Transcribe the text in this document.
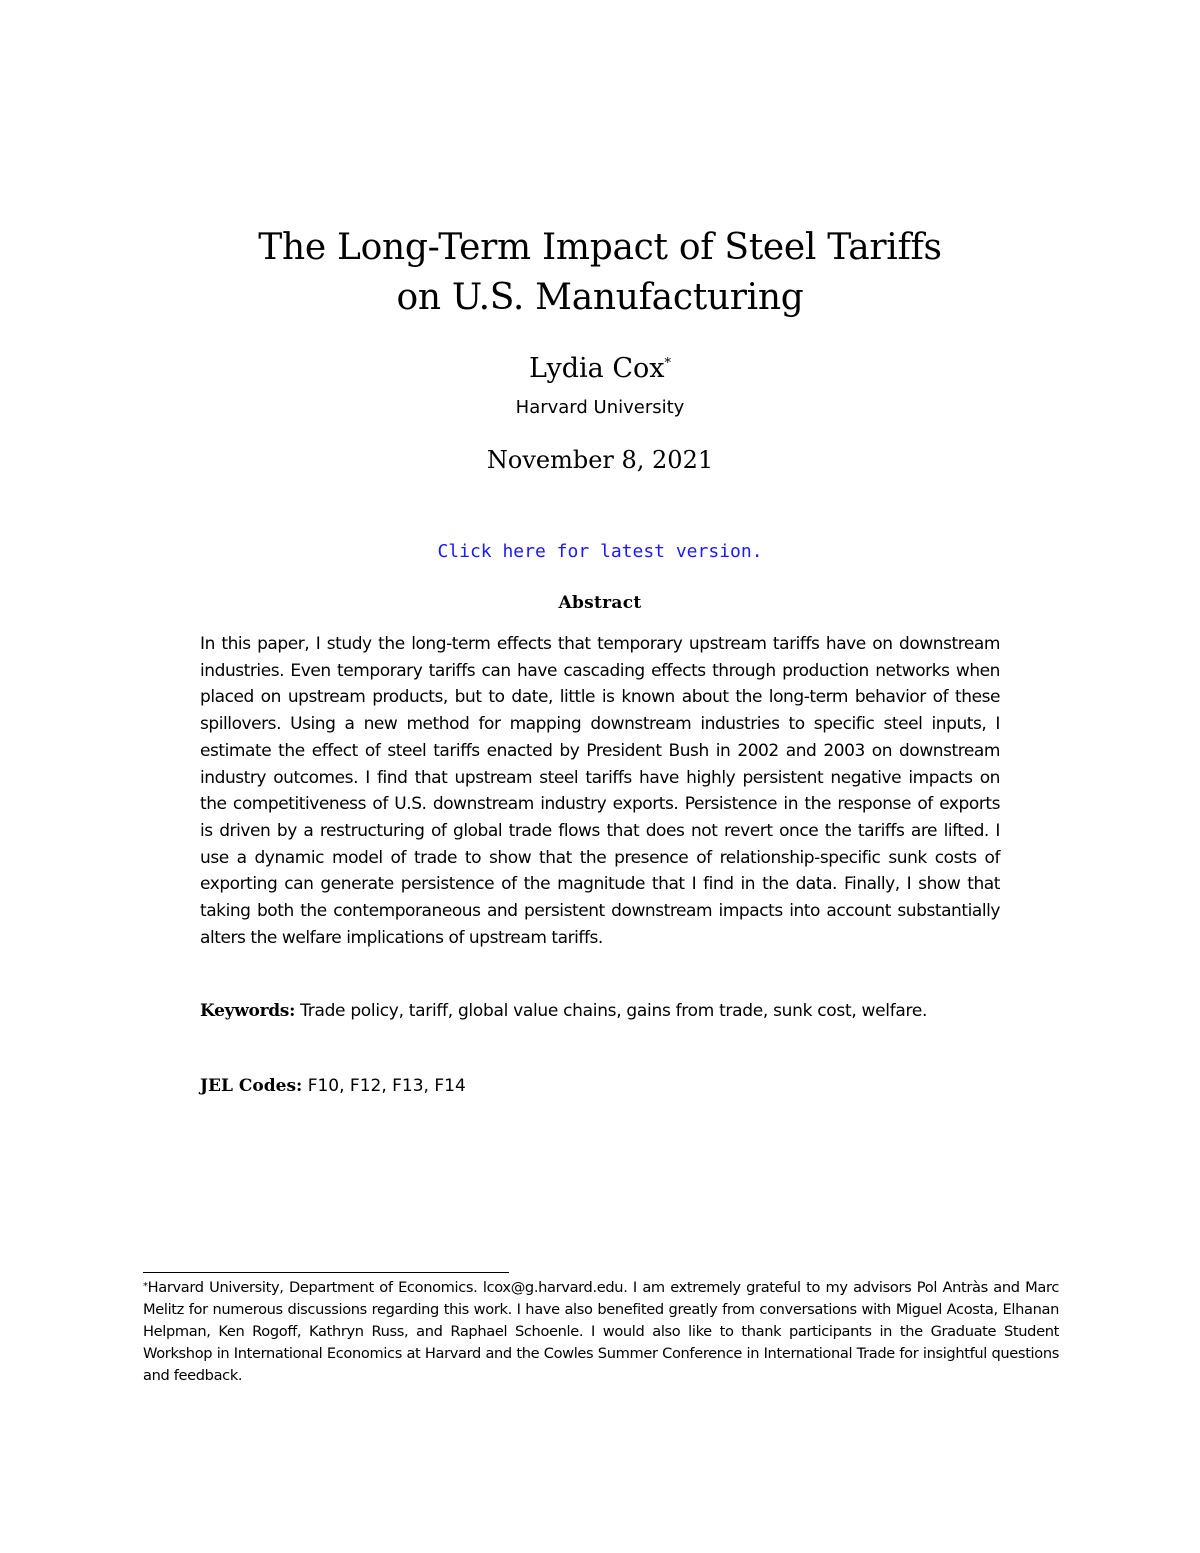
The Long-Term Impact of Steel Tariffs
on U.S. Manufacturing
Lydia Cox*
Harvard University
November 8, 2021
Click here for latest version.
Abstract

In this paper, I study the long-term effects that temporary upstream tariffs have on downstream industries. Even temporary tariffs can have cascading effects through production networks when placed on upstream products, but to date, little is known about the long-term behavior of these spillovers. Using a new method for mapping downstream industries to specific steel inputs, I estimate the effect of steel tariffs enacted by President Bush in 2002 and 2003 on downstream industry outcomes. I find that upstream steel tariffs have highly persistent negative impacts on the competitiveness of U.S. downstream industry exports. Persistence in the response of exports is driven by a restructuring of global trade flows that does not revert once the tariffs are lifted. I use a dynamic model of trade to show that the presence of relationship-specific sunk costs of exporting can generate persistence of the magnitude that I find in the data. Finally, I show that taking both the contemporaneous and persistent downstream impacts into account substantially alters the welfare implications of upstream tariffs.

Keywords: Trade policy, tariff, global value chains, gains from trade, sunk cost, welfare.

JEL Codes: F10, F12, F13, F14

*Harvard University, Department of Economics. lcox@g.harvard.edu. I am extremely grateful to my advisors Pol Antràs and Marc Melitz for numerous discussions regarding this work. I have also benefited greatly from conversations with Miguel Acosta, Elhanan Helpman, Ken Rogoff, Kathryn Russ, and Raphael Schoenle. I would also like to thank participants in the Graduate Student Workshop in International Economics at Harvard and the Cowles Summer Conference in International Trade for insightful questions and feedback.
